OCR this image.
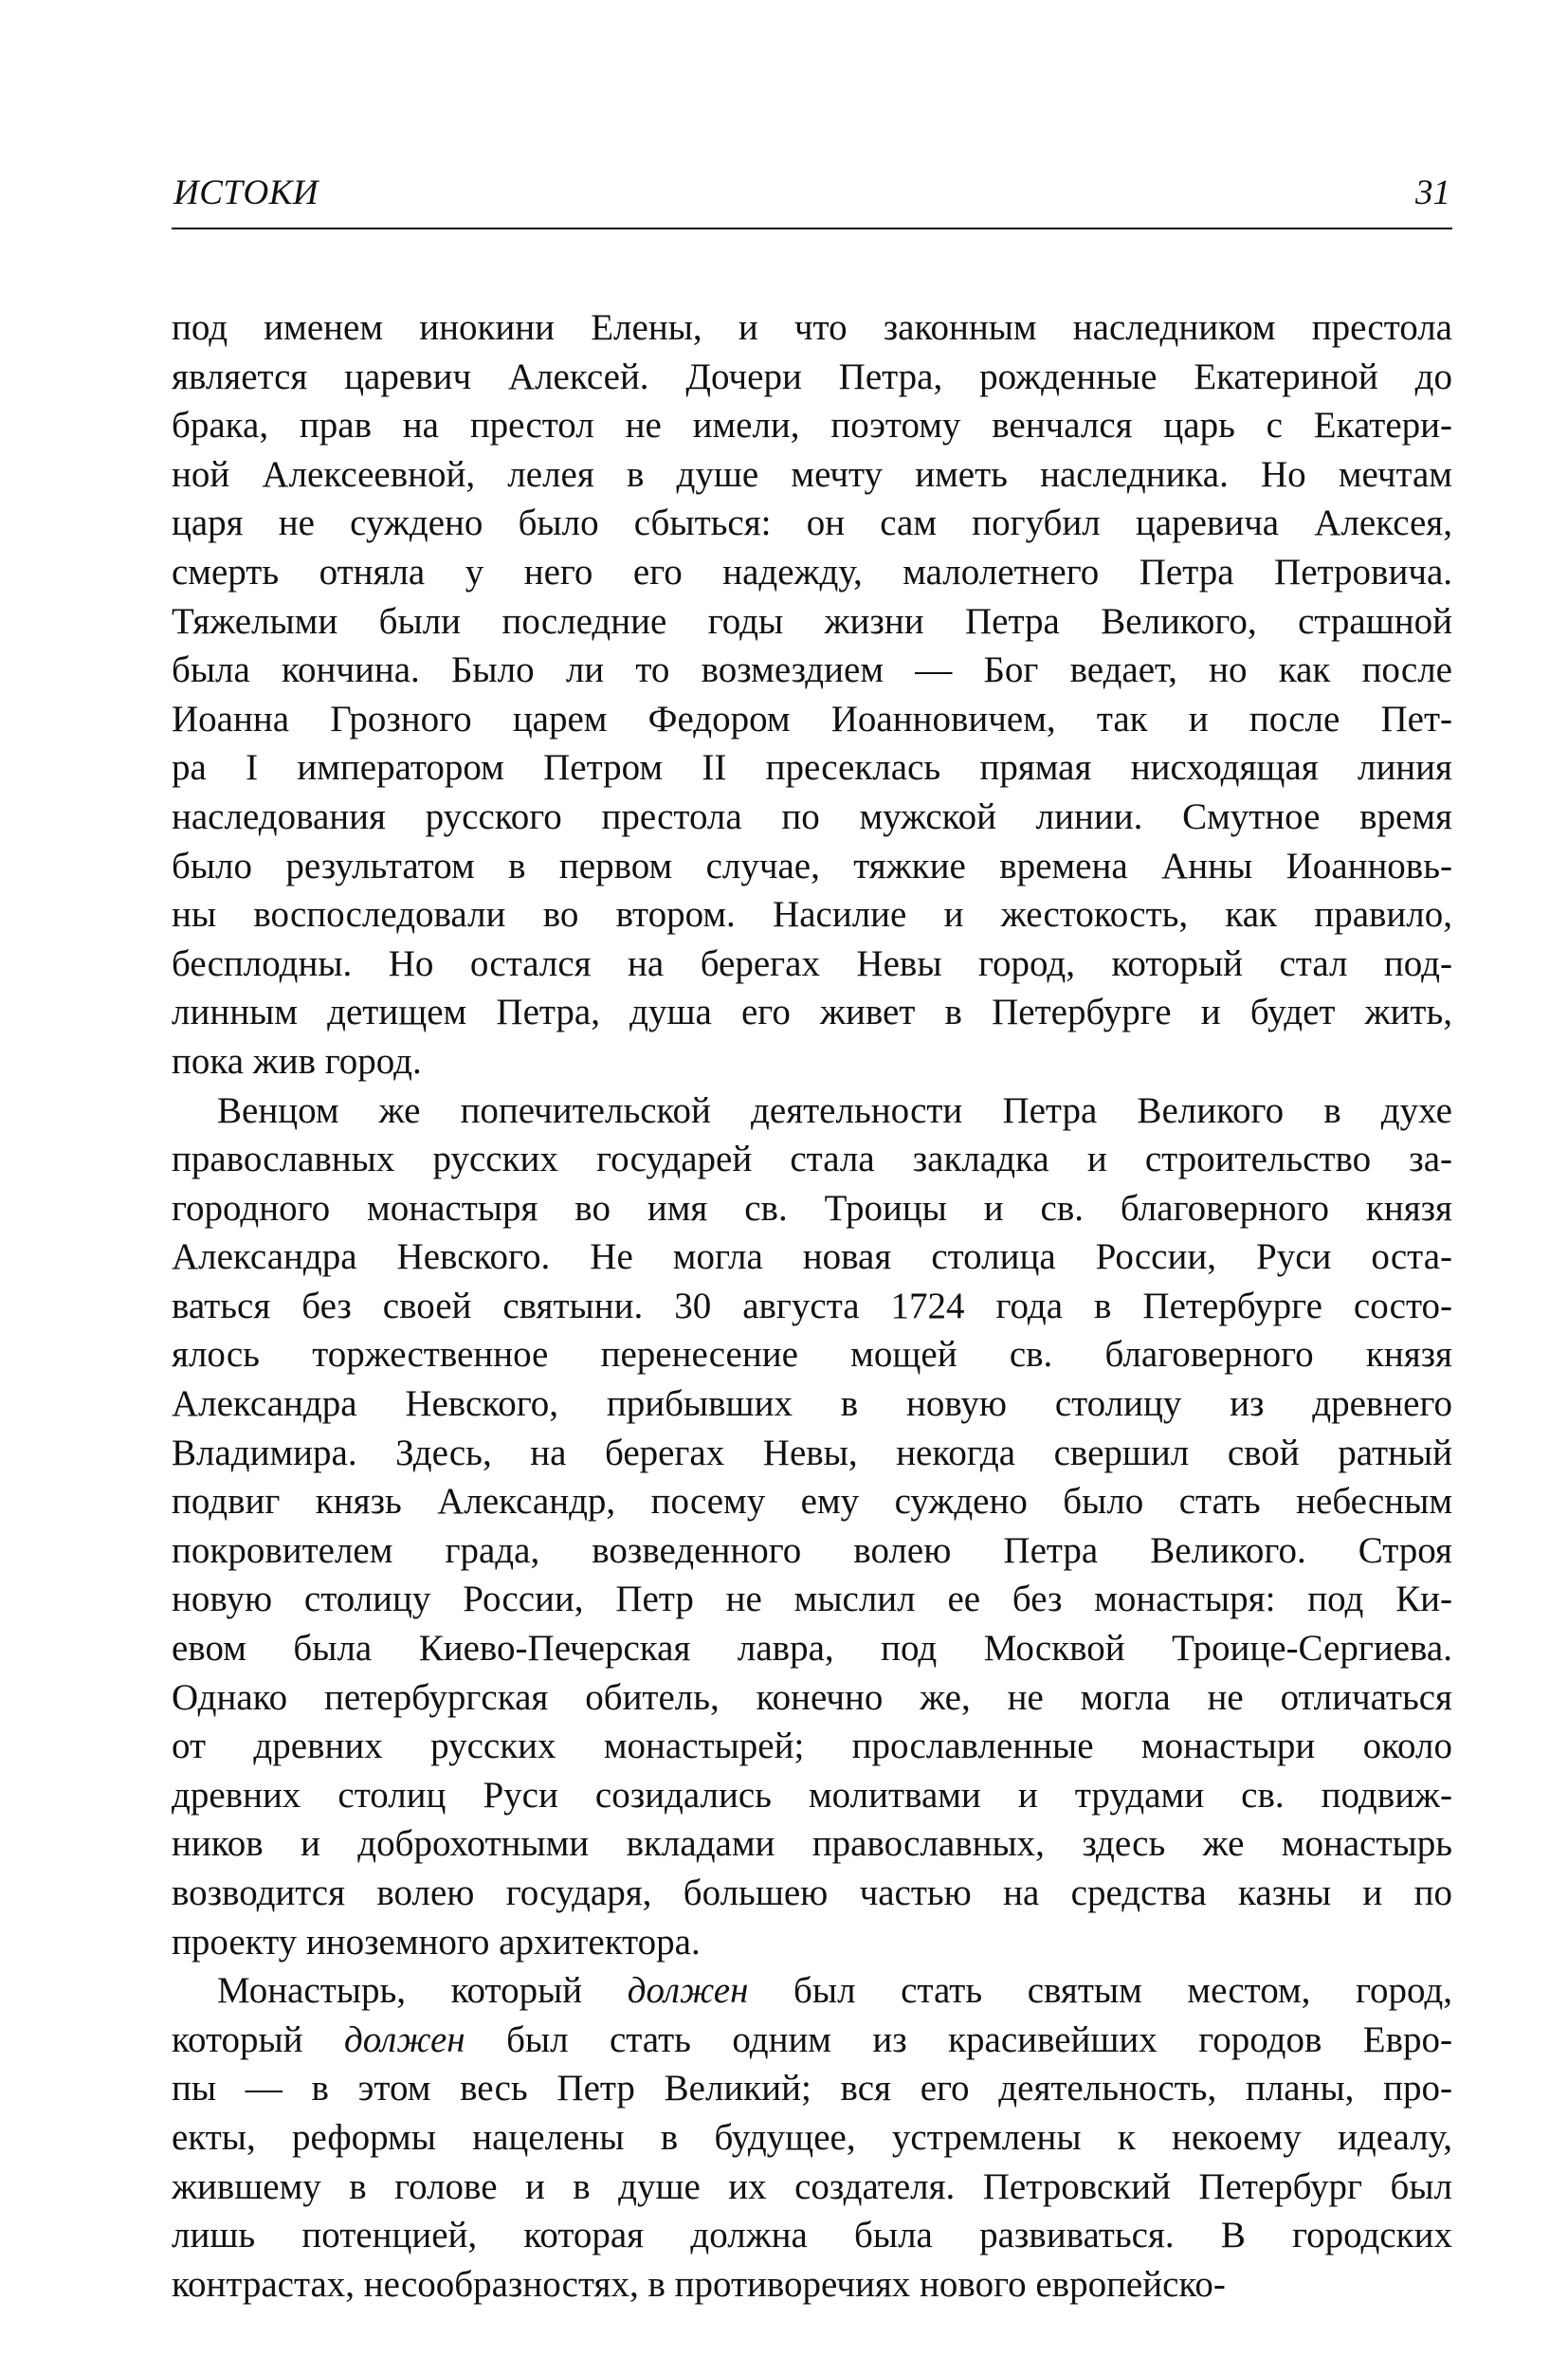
ИСТОКИ	31
под именем инокини Елены, и что законным наследником престола
является царевич Алексей. Дочери Петра, рожденные Екатериной до
брака, прав на престол не имели, поэтому венчался царь с Екатери-
ной Алексеевной, лелея в душе мечту иметь наследника. Но мечтам
царя не суждено было сбыться: он сам погубил царевича Алексея,
смерть отняла у него его надежду, малолетнего Петра Петровича.
Тяжелыми были последние годы жизни Петра Великого, страшной
была кончина. Было ли то возмездием — Бог ведает, но как после
Иоанна Грозного царем Федором Иоанновичем, так и после Пет-
ра I императором Петром II пресеклась прямая нисходящая линия
наследования русского престола по мужской линии. Смутное время
было результатом в первом случае, тяжкие времена Анны Иоанновь-
ны воспоследовали во втором. Насилие и жестокость, как правило,
бесплодны. Но остался на берегах Невы город, который стал под-
линным детищем Петра, душа его живет в Петербурге и будет жить,
пока жив город.
Венцом же попечительской деятельности Петра Великого в духе
православных русских государей стала закладка и строительство за-
городного монастыря во имя св. Троицы и св. благоверного князя
Александра Невского. Не могла новая столица России, Руси оста-
ваться без своей святыни. 30 августа 1724 года в Петербурге состо-
ялось торжественное перенесение мощей св. благоверного князя
Александра Невского, прибывших в новую столицу из древнего
Владимира. Здесь, на берегах Невы, некогда свершил свой ратный
подвиг князь Александр, посему ему суждено было стать небесным
покровителем града, возведенного волею Петра Великого. Строя
новую столицу России, Петр не мыслил ее без монастыря: под Ки-
евом была Киево-Печерская лавра, под Москвой Троице-Сергиева.
Однако петербургская обитель, конечно же, не могла не отличаться
от древних русских монастырей; прославленные монастыри около
древних столиц Руси созидались молитвами и трудами св. подвиж-
ников и доброхотными вкладами православных, здесь же монастырь
возводится волею государя, большею частью на средства казны и по
проекту иноземного архитектора.
Монастырь, который должен был стать святым местом, город,
который должен был стать одним из красивейших городов Евро-
пы — в этом весь Петр Великий; вся его деятельность, планы, про-
екты, реформы нацелены в будущее, устремлены к некоему идеалу,
жившему в голове и в душе их создателя. Петровский Петербург был
лишь потенцией, которая должна была развиваться. В городских
контрастах, несообразностях, в противоречиях нового европейско-
